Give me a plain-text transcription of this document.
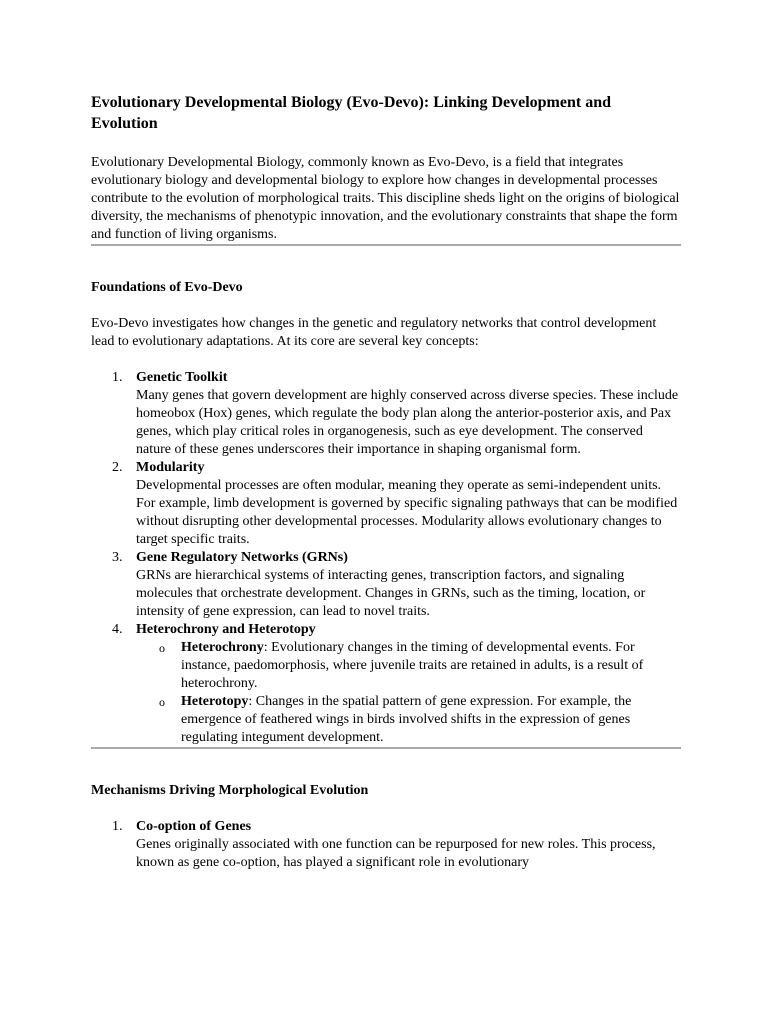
Evolutionary Developmental Biology (Evo-Devo): Linking Development and Evolution

Evolutionary Developmental Biology, commonly known as Evo-Devo, is a field that integrates evolutionary biology and developmental biology to explore how changes in developmental processes contribute to the evolution of morphological traits. This discipline sheds light on the origins of biological diversity, the mechanisms of phenotypic innovation, and the evolutionary constraints that shape the form and function of living organisms.

Foundations of Evo-Devo

Evo-Devo investigates how changes in the genetic and regulatory networks that control development lead to evolutionary adaptations. At its core are several key concepts:

1. Genetic Toolkit
Many genes that govern development are highly conserved across diverse species. These include homeobox (Hox) genes, which regulate the body plan along the anterior-posterior axis, and Pax genes, which play critical roles in organogenesis, such as eye development. The conserved nature of these genes underscores their importance in shaping organismal form.
2. Modularity
Developmental processes are often modular, meaning they operate as semi-independent units. For example, limb development is governed by specific signaling pathways that can be modified without disrupting other developmental processes. Modularity allows evolutionary changes to target specific traits.
3. Gene Regulatory Networks (GRNs)
GRNs are hierarchical systems of interacting genes, transcription factors, and signaling molecules that orchestrate development. Changes in GRNs, such as the timing, location, or intensity of gene expression, can lead to novel traits.
4. Heterochrony and Heterotopy
o Heterochrony: Evolutionary changes in the timing of developmental events. For instance, paedomorphosis, where juvenile traits are retained in adults, is a result of heterochrony.
o Heterotopy: Changes in the spatial pattern of gene expression. For example, the emergence of feathered wings in birds involved shifts in the expression of genes regulating integument development.
Mechanisms Driving Morphological Evolution
1. Co-option of Genes
Genes originally associated with one function can be repurposed for new roles. This process, known as gene co-option, has played a significant role in evolutionary
